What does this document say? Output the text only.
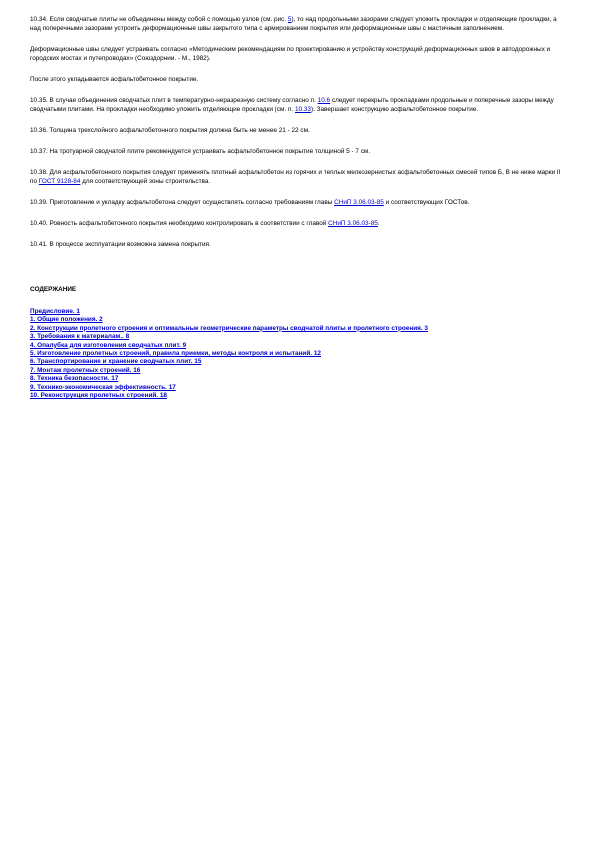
10.34. Если сводчатые плиты не объединены между собой с помощью узлов (см. рис. 5), то над продольными зазорами следует уложить прокладки и отделяющие прокладки, а над поперечными зазорами устроить деформационные швы закрытого типа с армированием покрытия или деформационные швы с мастичным заполнением.

Деформационные швы следует устраивать согласно «Методическим рекомендациям по проектированию и устройству конструкций деформационных швов в автодорожных и городских мостах и путепроводах» (Союздорнии. - М., 1982).

После этого укладывается асфальтобетонное покрытие.

10.35. В случае объединения сводчатых плит в температурно-неразрезную систему согласно п. 10.6 следует перекрыть прокладками продольные и поперечные зазоры между сводчатыми плитами. На прокладки необходимо уложить отделяющие прокладки (см. п. 10.33). Завершает конструкцию асфальтобетонное покрытие.

10.36. Толщина трехслойного асфальтобетонного покрытия должна быть не менее 21 - 22 см.

10.37. На тротуарной сводчатой плите рекомендуется устраивать асфальтобетонное покрытие толщиной 5 - 7 см.

10.38. Для асфальтобетонного покрытия следует применять плотный асфальтобетон из горячих и теплых мелкозернистых асфальтобетонных смесей типов Б, В не ниже марки II по ГОСТ 9128-84 для соответствующей зоны строительства.

10.39. Приготовление и укладку асфальтобетона следует осуществлять согласно требованиям главы СНиП 3.06.03-85 и соответствующих ГОСТов.

10.40. Ровность асфальтобетонного покрытия необходимо контролировать в соответствии с главой СНиП 3.06.03-85.

10.41. В процессе эксплуатации возможна замена покрытия.

СОДЕРЖАНИЕ

Предисловие. 1
1. Общие положения. 2
2. Конструкции пролетного строения и оптимальные геометрические параметры сводчатой плиты и пролетного строения. 3
3. Требования к материалам.. 8
4. Опалубка для изготовления сводчатых плит. 9
5. Изготовление пролетных строений, правила приемки, методы контроля и испытаний. 12
6. Транспортирование и хранение сводчатых плит. 15
7. Монтаж пролетных строений. 16
8. Техника безопасности. 17
9. Технико-экономическая эффективность. 17
10. Реконструкция пролетных строений. 18
